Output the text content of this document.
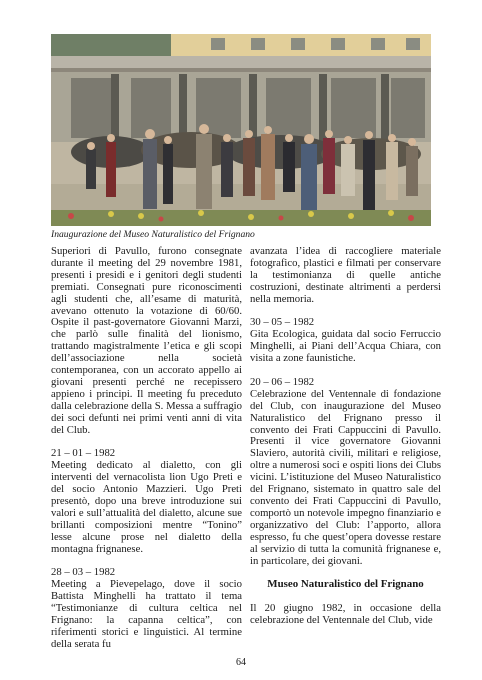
Inaugurazione del Museo Naturalistico del Frignano

Superiori di Pavullo, furono consegnate durante il meeting del 29 novembre 1981, presenti i presidi e i genitori degli studenti premiati. Consegnati pure riconoscimenti agli studenti che, all’esame di maturità, avevano ottenuto la votazione di 60/60. Ospite il past-governatore Giovanni Marzi, che parlò sulle finalità del lionismo, trattando magistralmente l’etica e gli scopi dell’associazione nella società contemporanea, con un accorato appello ai giovani presenti perché ne recepissero appieno i principi. Il meeting fu preceduto dalla celebrazione della S. Messa a suffragio dei soci defunti nei primi venti anni di vita del Club.

21 – 01 – 1982
Meeting dedicato al dialetto, con gli interventi del vernacolista lion Ugo Preti e del socio Antonio Mazzieri. Ugo Preti presentò, dopo una breve introduzione sui valori e sull’attualità del dialetto, alcune sue brillanti composizioni mentre “Tonino” lesse alcune prose nel dialetto della montagna frignanese.

28 – 03 – 1982
Meeting a Pievepelago, dove il socio Battista Minghelli ha trattato il tema “Testimonianze di cultura celtica nel Frignano: la capanna celtica”, con riferimenti storici e linguistici. Al termine della serata fu

avanzata l’idea di raccogliere materiale fotografico, plastici e filmati per conservare la testimonianza di quelle antiche costruzioni, destinate altrimenti a perdersi nella memoria.

30 – 05 – 1982
Gita Ecologica, guidata dal socio Ferruccio Minghelli, ai Piani dell’Acqua Chiara, con visita a zone faunistiche.

20 – 06 – 1982
Celebrazione del Ventennale di fondazione del Club, con inaugurazione del Museo Naturalistico del Frignano presso il convento dei Frati Cappuccini di Pavullo. Presenti il vice governatore Giovanni Slaviero, autorità civili, militari e religiose, oltre a numerosi soci e ospiti lions dei Clubs vicini. L’istituzione del Museo Naturalistico del Frignano, sistemato in quattro sale del convento dei Frati Cappuccini di Pavullo, comportò un notevole impegno finanziario e organizzativo del Club: l’apporto, allora espresso, fu che quest’opera dovesse restare al servizio di tutta la comunità frignanese e, in particolare, dei giovani.

Museo Naturalistico del Frignano

Il 20 giugno 1982, in occasione della celebrazione del Ventennale del Club, vide

64
